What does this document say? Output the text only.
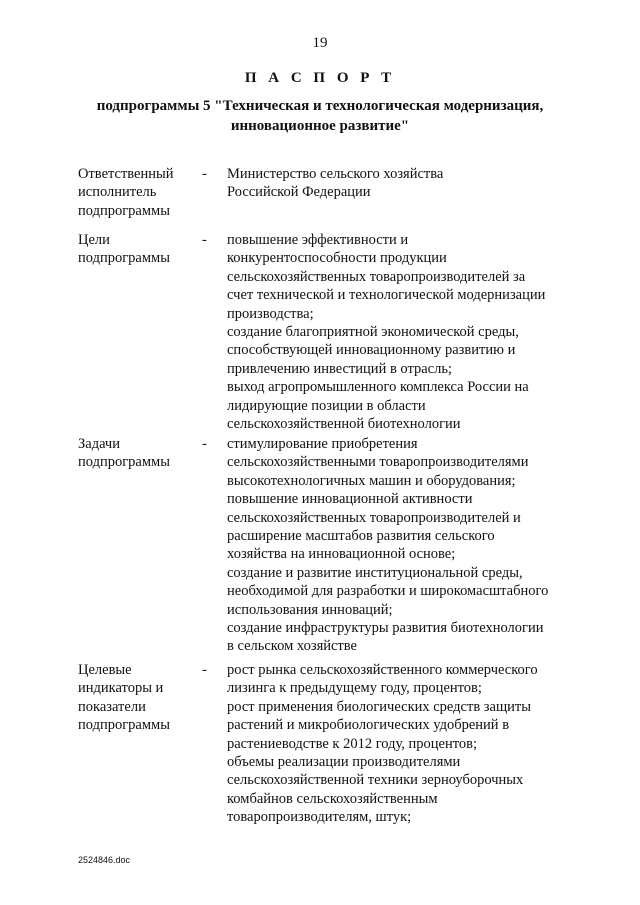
19
П А С П О Р Т
подпрограммы 5 "Техническая и технологическая модернизация,
инновационное развитие"
Ответственный
исполнитель
подпрограммы
- Министерство сельского хозяйства
Российской Федерации
Цели
подпрограммы
- повышение эффективности и
конкурентоспособности продукции
сельскохозяйственных товаропроизводителей за
счет технической и технологической модернизации
производства;
создание благоприятной экономической среды,
способствующей инновационному развитию и
привлечению инвестиций в отрасль;
выход агропромышленного комплекса России на
лидирующие позиции в области
сельскохозяйственной биотехнологии
Задачи
подпрограммы
- стимулирование приобретения
сельскохозяйственными товаропроизводителями
высокотехнологичных машин и оборудования;
повышение инновационной активности
сельскохозяйственных товаропроизводителей и
расширение масштабов развития сельского
хозяйства на инновационной основе;
создание и развитие институциональной среды,
необходимой для разработки и широкомасштабного
использования инноваций;
создание инфраструктуры развития биотехнологии
в сельском хозяйстве
Целевые
индикаторы и
показатели
подпрограммы
- рост рынка сельскохозяйственного коммерческого
лизинга к предыдущему году, процентов;
рост применения биологических средств защиты
растений и микробиологических удобрений в
растениеводстве к 2012 году, процентов;
объемы реализации производителями
сельскохозяйственной техники зерноуборочных
комбайнов сельскохозяйственным
товаропроизводителям, штук;
2524846.doc
